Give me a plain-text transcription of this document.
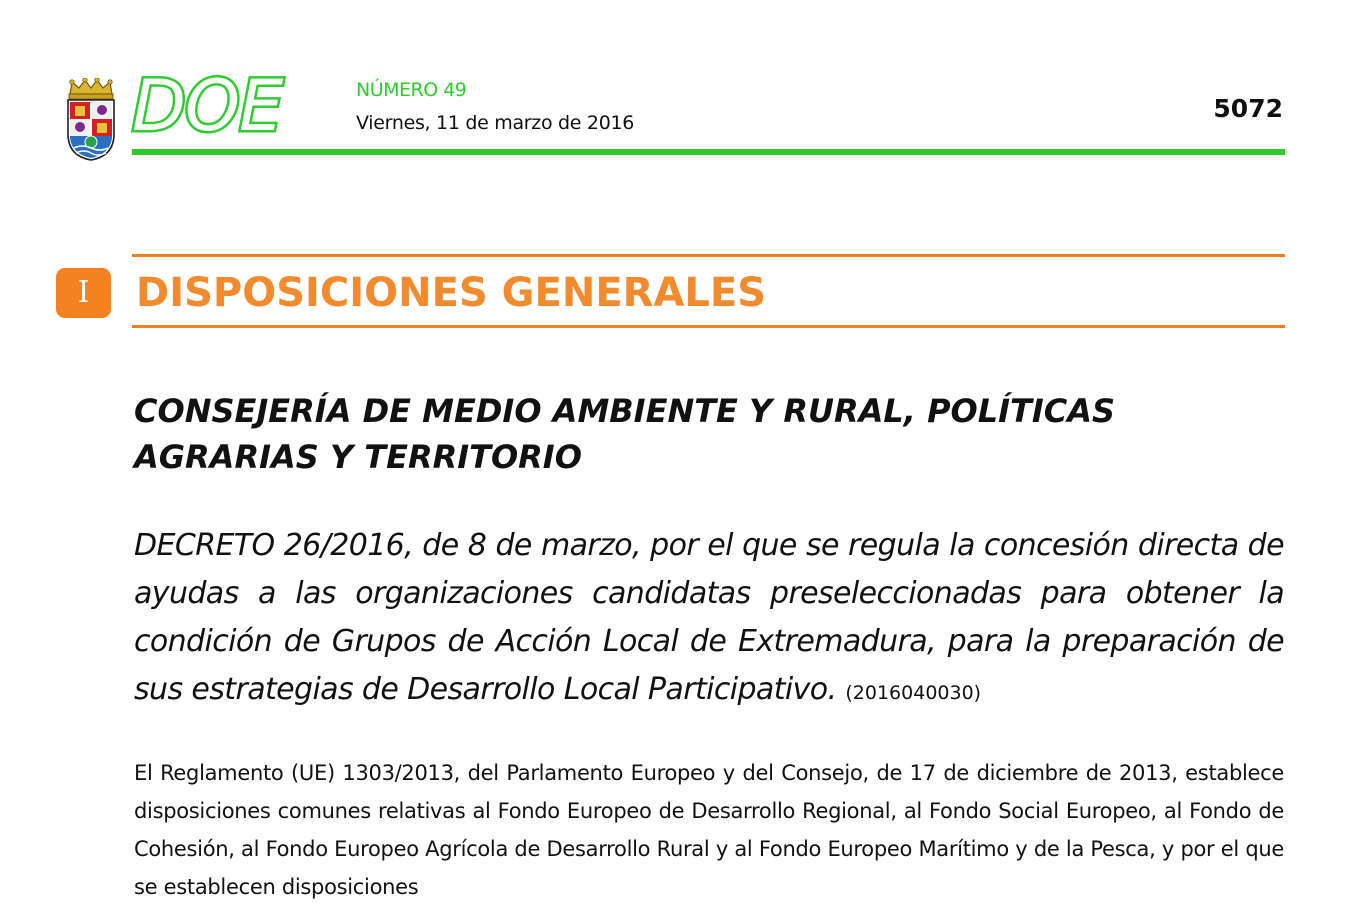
DOE	NÚMERO 49
Viernes, 11 de marzo de 2016	5072
I	DISPOSICIONES GENERALES
CONSEJERÍA DE MEDIO AMBIENTE Y RURAL, POLÍTICAS AGRARIAS Y TERRITORIO
DECRETO 26/2016, de 8 de marzo, por el que se regula la concesión directa de ayudas a las organizaciones candidatas preseleccionadas para obtener la condición de Grupos de Acción Local de Extremadura, para la preparación de sus estrategias de Desarrollo Local Participativo. (2016040030)
El Reglamento (UE) 1303/2013, del Parlamento Europeo y del Consejo, de 17 de diciembre de 2013, establece disposiciones comunes relativas al Fondo Europeo de Desarrollo Regional, al Fondo Social Europeo, al Fondo de Cohesión, al Fondo Europeo Agrícola de Desarrollo Rural y al Fondo Europeo Marítimo y de la Pesca, y por el que se establecen disposiciones
